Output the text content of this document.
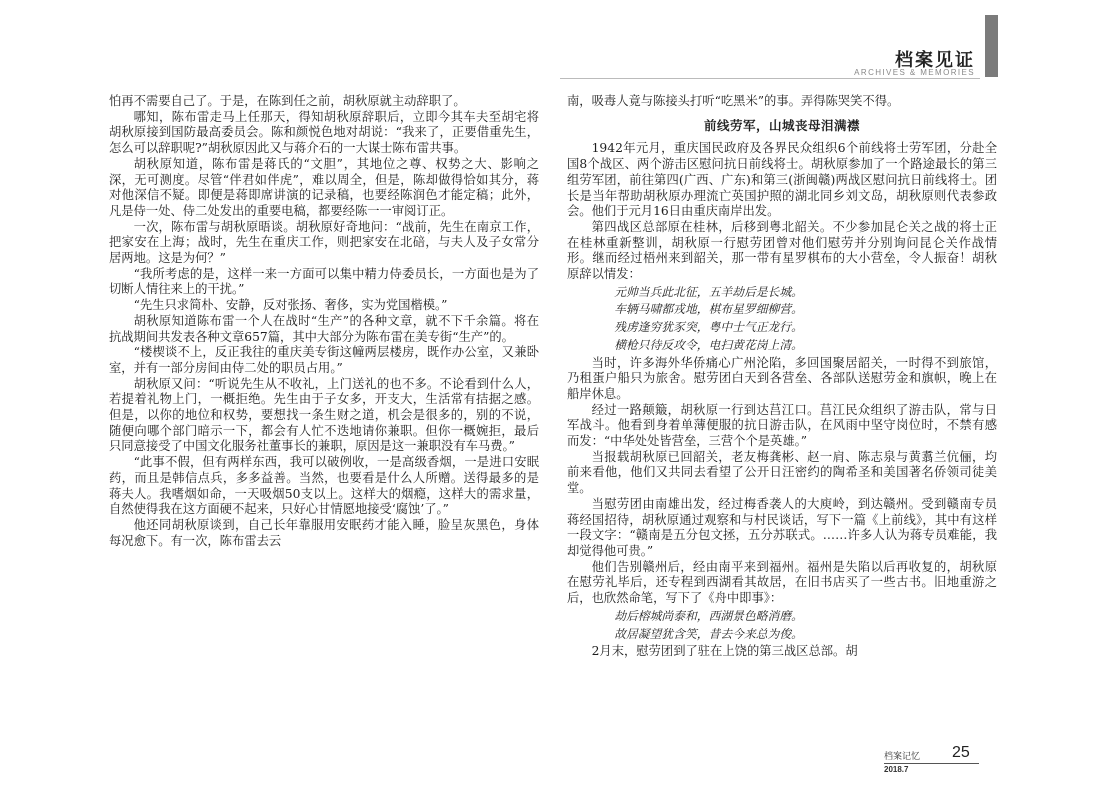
档案见证
ARCHIVES & MEMORIES

怕再不需要自己了。于是，在陈到任之前，胡秋原就主动辞职了。

哪知，陈布雷走马上任那天，得知胡秋原辞职后，立即今其车夫至胡宅将胡秋原接到国防最高委员会。陈和颜悦色地对胡说：“我来了，正要借重先生，怎么可以辞职呢?”胡秋原因此又与蒋介石的一大谋士陈布雷共事。

胡秋原知道，陈布雷是蒋氏的“文胆”，其地位之尊、权势之大、影响之深，无可测度。尽管“伴君如伴虎”，难以周全，但是，陈却做得恰如其分，蒋对他深信不疑。即便是蒋即席讲演的记录稿，也要经陈润色才能定稿；此外，凡是侍一处、侍二处发出的重要电稿，都要经陈一一审阅订正。

一次，陈布雷与胡秋原晤谈。胡秋原好奇地问：“战前，先生在南京工作，把家安在上海；战时，先生在重庆工作，则把家安在北碚，与夫人及子女常分居两地。这是为何？”

“我所考虑的是，这样一来一方面可以集中精力侍委员长，一方面也是为了切断人情往来上的干扰。”

“先生只求简朴、安静，反对张扬、奢侈，实为党国楷模。”

胡秋原知道陈布雷一个人在战时“生产”的各种文章，就不下千余篇。将在抗战期间共发表各种文章657篇，其中大部分为陈布雷在美专街“生产”的。

“楼楔谈不上，反正我往的重庆美专街这幢两层楼房，既作办公室，又兼卧室，并有一部分房间由侍二处的职员占用。”

胡秋原又问：“听说先生从不收礼，上门送礼的也不多。不论看到什么人，若提着礼物上门，一概拒绝。先生由于子女多，开支大，生活常有拮据之感。但是，以你的地位和权势，要想找一条生财之道，机会是很多的，别的不说，随便向哪个部门暗示一下，都会有人忙不迭地请你兼职。但你一概婉拒，最后只同意接受了中国文化服务社董事长的兼职，原因是这一兼职没有车马费。”

“此事不假，但有两样东西，我可以破例收，一是高级香烟，一是进口安眠药，而且是韩信点兵，多多益善。当然，也要看是什么人所赠。送得最多的是蒋夫人。我嗜烟如命，一天吸烟50支以上。这样大的烟瘾，这样大的需求量，自然使得我在这方面硬不起来，只好心甘情愿地接受‘腐蚀’了。”

他还同胡秋原谈到，自己长年靠服用安眠药才能入睡，脸呈灰黑色，身体每况愈下。有一次，陈布雷去云

南，吸毒人竟与陈接头打听“吃黑米”的事。弄得陈哭笑不得。

前线劳军，山城丧母泪满襟

1942年元月，重庆国民政府及各界民众组织6个前线将士劳军团，分赴全国8个战区、两个游击区慰问抗日前线将士。胡秋原参加了一个路途最长的第三组劳军团，前往第四(广西、广东)和第三(浙闽赣)两战区慰问抗日前线将士。团长是当年帮助胡秋原办理流亡英国护照的湖北同乡刘文岛，胡秋原则代表参政会。他们于元月16日由重庆南岸出发。

第四战区总部原在桂林，后移到粤北韶关。不少参加昆仑关之战的将士正在桂林重新整训，胡秋原一行慰劳团曾对他们慰劳并分别询问昆仑关作战情形。继而经过梧州来到韶关，那一带有星罗棋布的大小营垒，令人振奋！胡秋原辞以情发：

元帅当兵此北征，五羊劫后是长城。

车辆马啸都戎地，棋布星罗细柳营。

残虏逢穷犹豕突，粤中士气正龙行。

横枪只待反攻令，电扫黄花岗上清。

当时，许多海外华侨痛心广州沦陷，多回国聚居韶关，一时得不到旅馆，乃租蛋户船只为旅舍。慰劳团白天到各营垒、各部队送慰劳金和旗帜，晚上在船岸休息。

经过一路颠簸，胡秋原一行到达莒江口。莒江民众组织了游击队，常与日军战斗。他看到身着单薄便服的抗日游击队，在风雨中坚守岗位时，不禁有感而发：“中华处处皆营垒，三营个个是英雄。”

当报载胡秋原已回韶关，老友梅龚彬、赵一肩、陈志泉与黄翥兰伉俪，均前来看他，他们又共同去看望了公开日汪密约的陶希圣和美国著名侨领司徒美堂。

当慰劳团由南雄出发，经过梅香袭人的大庾岭，到达赣州。受到赣南专员蒋经国招待，胡秋原通过观察和与村民谈话，写下一篇《上前线》，其中有这样一段文字：“赣南是五分包文拯，五分苏联式。……许多人认为蒋专员难能，我却觉得他可贵。”

他们告别赣州后，经由南平来到福州。福州是失陷以后再收复的，胡秋原在慰劳礼毕后，还专程到西湖看其故居，在旧书店买了一些古书。旧地重游之后，也欣然命笔，写下了《舟中即事》：

劫后榕城尚泰和，西湖景色略消磨。

故居凝望犹含笑，昔去今来总为俊。

2月末，慰劳团到了驻在上饶的第三战区总部。胡

档案记忆 25
2018.7
